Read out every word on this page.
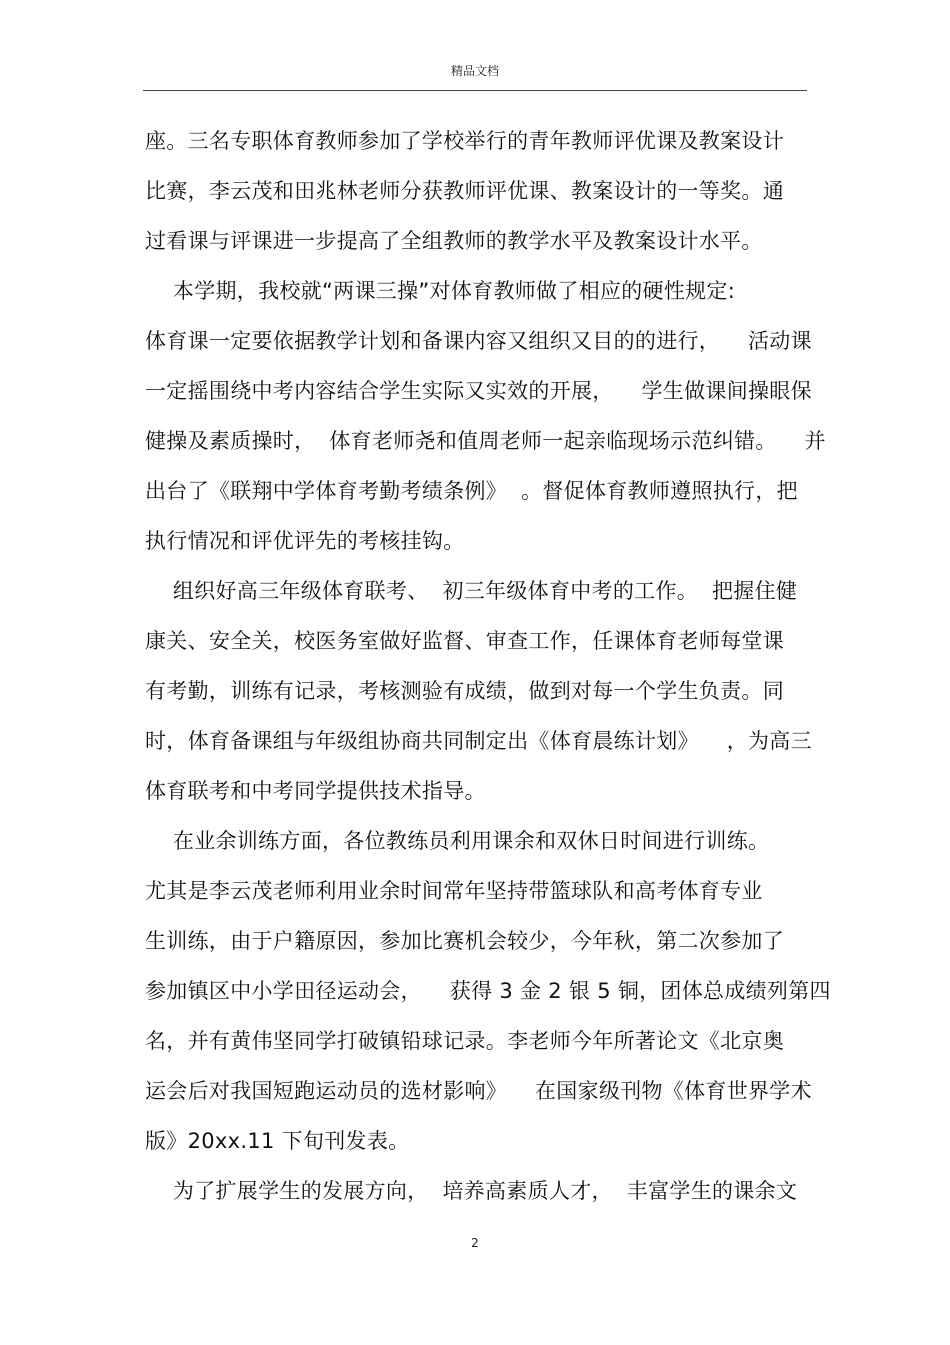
精品文档
座。三名专职体育教师参加了学校举行的青年教师评优课及教案设计
比赛，李云茂和田兆林老师分获教师评优课、教案设计的一等奖。通
过看课与评课进一步提高了全组教师的教学水平及教案设计水平。
本学期，我校就“两课三操”对体育教师做了相应的硬性规定:
体育课一定要依据教学计划和备课内容又组织又目的的进行，    活动课
一定摇围绕中考内容结合学生实际又实效的开展，    学生做课间操眼保
健操及素质操时，  体育老师尧和值周老师一起亲临现场示范纠错。    并
出台了《联翔中学体育考勤考绩条例》  。督促体育教师遵照执行，把
执行情况和评优评先的考核挂钩。
组织好高三年级体育联考、  初三年级体育中考的工作。  把握住健
康关、安全关，校医务室做好监督、审查工作，任课体育老师每堂课
有考勤，训练有记录，考核测验有成绩，做到对每一个学生负责。同
时，体育备课组与年级组协商共同制定出《体育晨练计划》    ，为高三
体育联考和中考同学提供技术指导。
在业余训练方面，各位教练员利用课余和双休日时间进行训练。
尤其是李云茂老师利用业余时间常年坚持带篮球队和高考体育专业
生训练，由于户籍原因，参加比赛机会较少，今年秋，第二次参加了
参加镇区中小学田径运动会，    获得 3 金 2 银 5 铜，团体总成绩列第四
名，并有黄伟坚同学打破镇铅球记录。李老师今年所著论文《北京奥
运会后对我国短跑运动员的选材影响》    在国家级刊物《体育世界学术
版》20xx.11 下旬刊发表。
为了扩展学生的发展方向，  培养高素质人才，  丰富学生的课余文
2
